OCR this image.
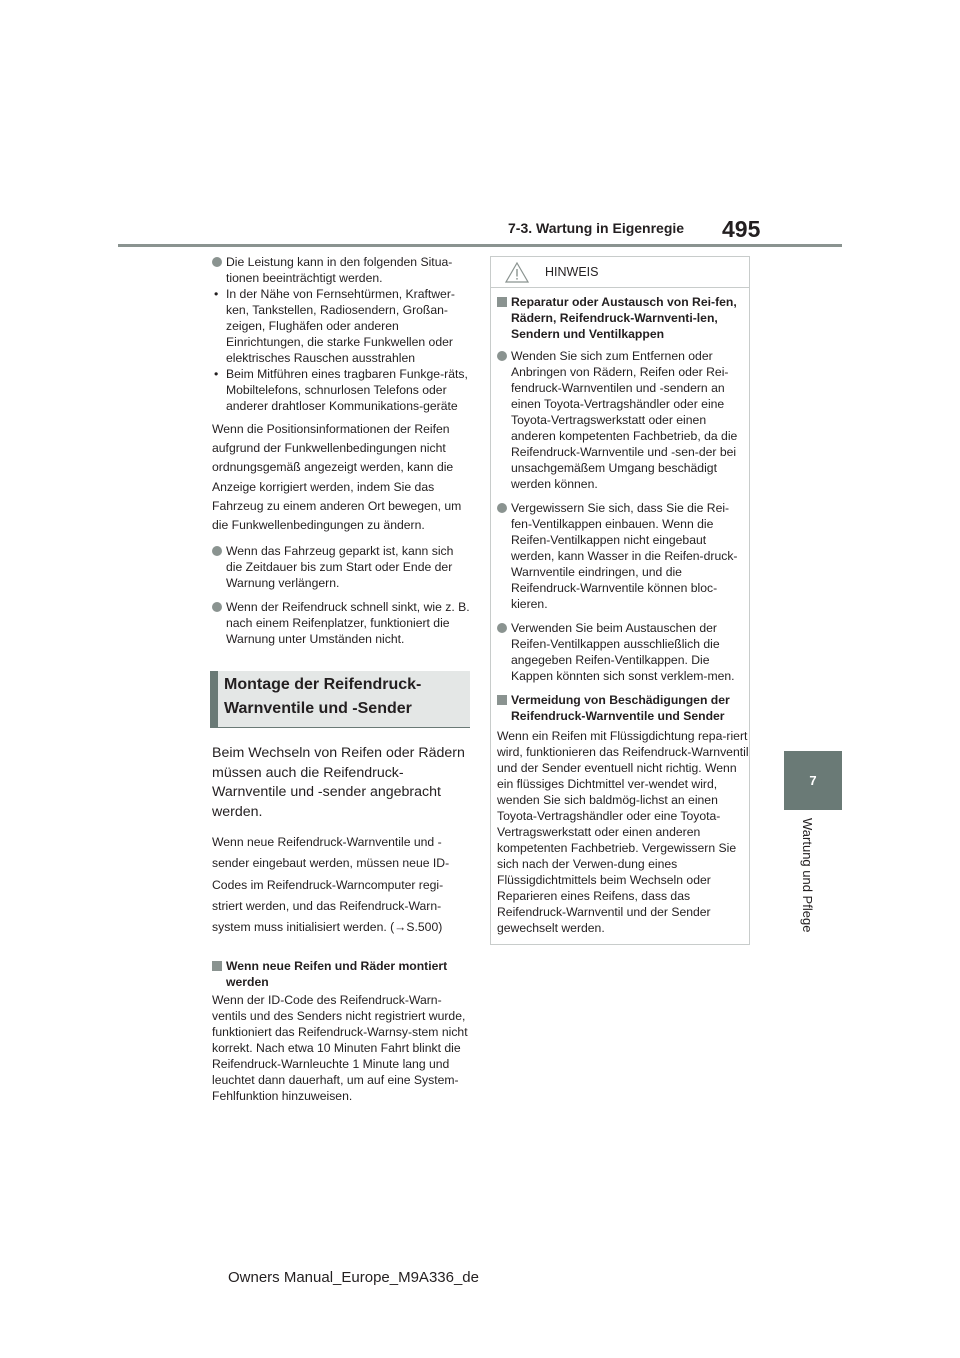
7-3. Wartung in Eigenregie 495
7
Wartung und Pflege
Die Leistung kann in den folgenden Situa-tionen beeinträchtigt werden.
• In der Nähe von Fernsehtürmen, Kraftwer-ken, Tankstellen, Radiosendern, Großan-zeigen, Flughäfen oder anderen Einrichtungen, die starke Funkwellen oder elektrisches Rauschen ausstrahlen
• Beim Mitführen eines tragbaren Funkge-räts, Mobiltelefons, schnurlosen Telefons oder anderer drahtloser Kommunikations-geräte

Wenn die Positionsinformationen der Reifen aufgrund der Funkwellenbedingungen nicht ordnungsgemäß angezeigt werden, kann die Anzeige korrigiert werden, indem Sie das Fahrzeug zu einem anderen Ort bewegen, um die Funkwellenbedingungen zu ändern.

Wenn das Fahrzeug geparkt ist, kann sich die Zeitdauer bis zum Start oder Ende der Warnung verlängern.
Wenn der Reifendruck schnell sinkt, wie z. B. nach einem Reifenplatzer, funktioniert die Warnung unter Umständen nicht.
Montage der Reifendruck-Warnventile und -Sender

Beim Wechseln von Reifen oder Rädern müssen auch die Reifendruck-Warnventile und -sender angebracht werden.

Wenn neue Reifendruck-Warnventile und -sender eingebaut werden, müssen neue ID-Codes im Reifendruck-Warncomputer regi-striert werden, und das Reifendruck-Warn-system muss initialisiert werden. (→S.500)

Wenn neue Reifen und Räder montiert werden

Wenn der ID-Code des Reifendruck-Warn-ventils und des Senders nicht registriert wurde, funktioniert das Reifendruck-Warnsy-stem nicht korrekt. Nach etwa 10 Minuten Fahrt blinkt die Reifendruck-Warnleuchte 1 Minute lang und leuchtet dann dauerhaft, um auf eine System-Fehlfunktion hinzuweisen.

HINWEIS
Reparatur oder Austausch von Rei-fen, Rädern, Reifendruck-Warnventi-len, Sendern und Ventilkappen
Wenden Sie sich zum Entfernen oder Anbringen von Rädern, Reifen oder Rei-fendruck-Warnventilen und -sendern an einen Toyota-Vertragshändler oder eine Toyota-Vertragswerkstatt oder einen anderen kompetenten Fachbetrieb, da die Reifendruck-Warnventile und -sen-der bei unsachgemäßem Umgang beschädigt werden können.
Vergewissern Sie sich, dass Sie die Rei-fen-Ventilkappen einbauen. Wenn die Reifen-Ventilkappen nicht eingebaut werden, kann Wasser in die Reifen-druck-Warnventile eindringen, und die Reifendruck-Warnventile können bloc-kieren.
Verwenden Sie beim Austauschen der Reifen-Ventilkappen ausschließlich die angegeben Reifen-Ventilkappen. Die Kappen könnten sich sonst verklem-men.
Vermeidung von Beschädigungen der Reifendruck-Warnventile und Sender

Wenn ein Reifen mit Flüssigdichtung repa-riert wird, funktionieren das Reifendruck-Warnventil und der Sender eventuell nicht richtig. Wenn ein flüssiges Dichtmittel ver-wendet wird, wenden Sie sich baldmög-lichst an einen Toyota-Vertragshändler oder eine Toyota-Vertragswerkstatt oder einen anderen kompetenten Fachbetrieb. Vergewissern Sie sich nach der Verwen-dung eines Flüssigdichtmittels beim Wechseln oder Reparieren eines Reifens, dass das Reifendruck-Warnventil und der Sender gewechselt werden.

Owners Manual_Europe_M9A336_de
